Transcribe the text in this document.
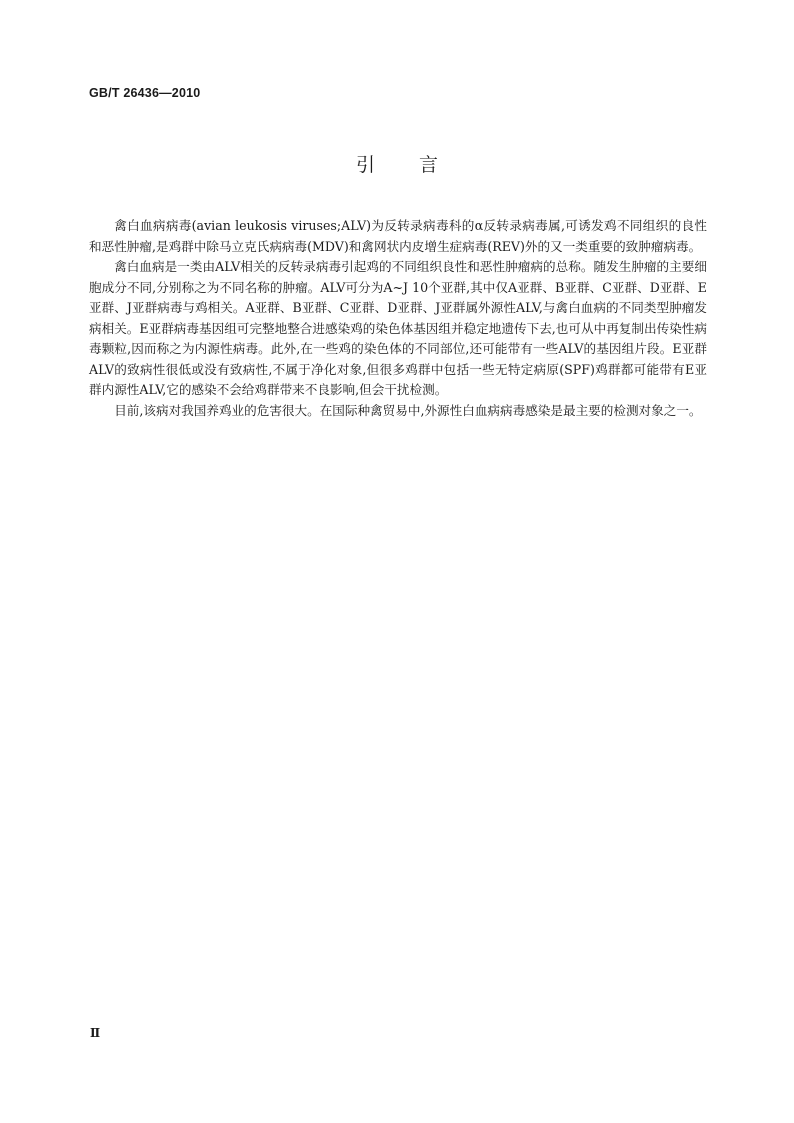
GB/T 26436—2010
引言

禽白血病病毒(avian leukosis viruses;ALV)为反转录病毒科的α反转录病毒属,可诱发鸡不同组织的良性和恶性肿瘤,是鸡群中除马立克氏病病毒(MDV)和禽网状内皮增生症病毒(REV)外的又一类重要的致肿瘤病毒。

禽白血病是一类由ALV相关的反转录病毒引起鸡的不同组织良性和恶性肿瘤病的总称。随发生肿瘤的主要细胞成分不同,分别称之为不同名称的肿瘤。ALV可分为A~J 10个亚群,其中仅A亚群、B亚群、C亚群、D亚群、E亚群、J亚群病毒与鸡相关。A亚群、B亚群、C亚群、D亚群、J亚群属外源性ALV,与禽白血病的不同类型肿瘤发病相关。E亚群病毒基因组可完整地整合进感染鸡的染色体基因组并稳定地遗传下去,也可从中再复制出传染性病毒颗粒,因而称之为内源性病毒。此外,在一些鸡的染色体的不同部位,还可能带有一些ALV的基因组片段。E亚群ALV的致病性很低或没有致病性,不属于净化对象,但很多鸡群中包括一些无特定病原(SPF)鸡群都可能带有E亚群内源性ALV,它的感染不会给鸡群带来不良影响,但会干扰检测。

目前,该病对我国养鸡业的危害很大。在国际种禽贸易中,外源性白血病病毒感染是最主要的检测对象之一。

Ⅱ
